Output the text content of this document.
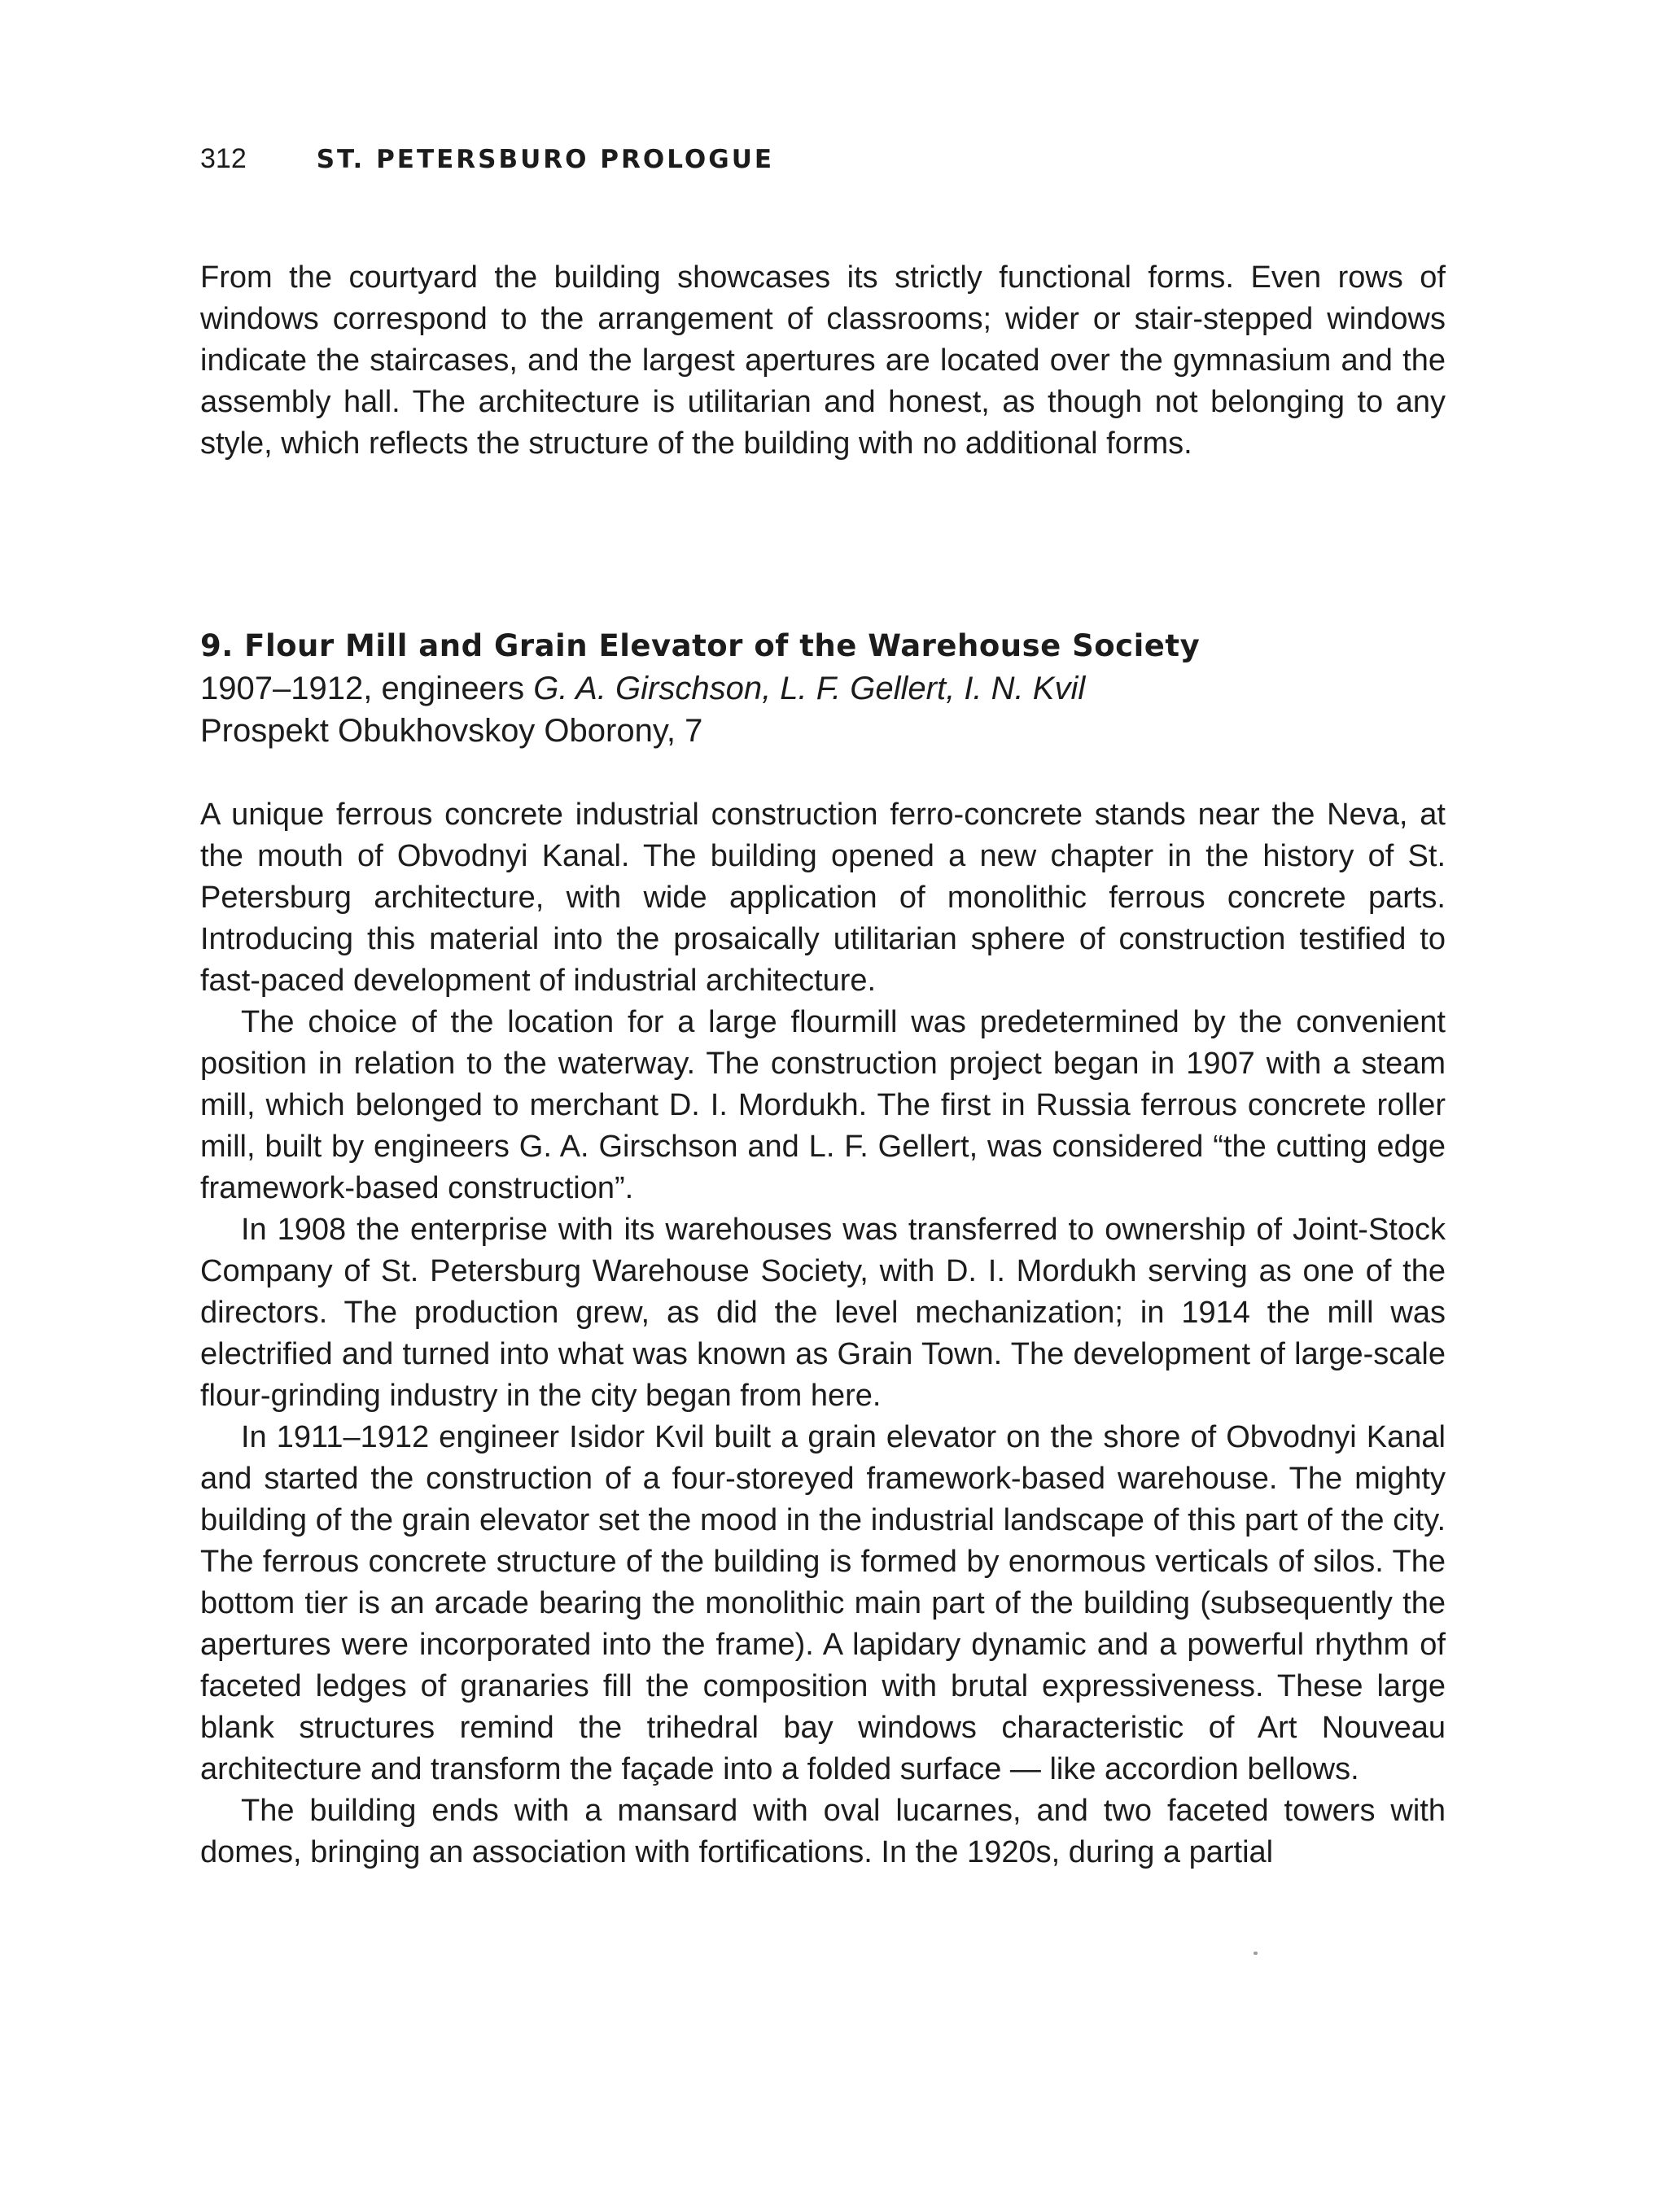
312	ST. PETERSBURO PROLOGUE

From the courtyard the building showcases its strictly functional forms. Even rows of windows correspond to the arrangement of classrooms; wider or stair-stepped windows indicate the staircases, and the largest apertures are located over the gymnasium and the assembly hall. The architecture is utilitarian and honest, as though not belonging to any style, which reflects the structure of the building with no additional forms.

9. Flour Mill and Grain Elevator of the Warehouse Society
1907–1912, engineers G. A. Girschson, L. F. Gellert, I. N. Kvil
Prospekt Obukhovskoy Oborony, 7

A unique ferrous concrete industrial construction ferro-concrete stands near the Neva, at the mouth of Obvodnyi Kanal. The building opened a new chapter in the history of St. Petersburg architecture, with wide application of monolithic ferrous concrete parts. Introducing this material into the prosaically utilitarian sphere of construction testified to fast-paced development of industrial architecture.

The choice of the location for a large flourmill was predetermined by the convenient position in relation to the waterway. The construction project began in 1907 with a steam mill, which belonged to merchant D. I. Mordukh. The first in Russia ferrous concrete roller mill, built by engineers G. A. Girschson and L. F. Gellert, was considered “the cutting edge framework-based construction”.

In 1908 the enterprise with its warehouses was transferred to ownership of Joint-Stock Company of St. Petersburg Warehouse Society, with D. I. Mordukh serving as one of the directors. The production grew, as did the level mechanization; in 1914 the mill was electrified and turned into what was known as Grain Town. The development of large-scale flour-grinding industry in the city began from here.

In 1911–1912 engineer Isidor Kvil built a grain elevator on the shore of Obvodnyi Kanal and started the construction of a four-storeyed framework-based warehouse. The mighty building of the grain elevator set the mood in the industrial landscape of this part of the city. The ferrous concrete structure of the building is formed by enormous verticals of silos. The bottom tier is an arcade bearing the monolithic main part of the building (subsequently the apertures were incorporated into the frame). A lapidary dynamic and a powerful rhythm of faceted ledges of granaries fill the composition with brutal expressiveness. These large blank structures remind the trihedral bay windows characteristic of Art Nouveau architecture and transform the façade into a folded surface — like accordion bellows.

The building ends with a mansard with oval lucarnes, and two faceted towers with domes, bringing an association with fortifications. In the 1920s, during a partial
